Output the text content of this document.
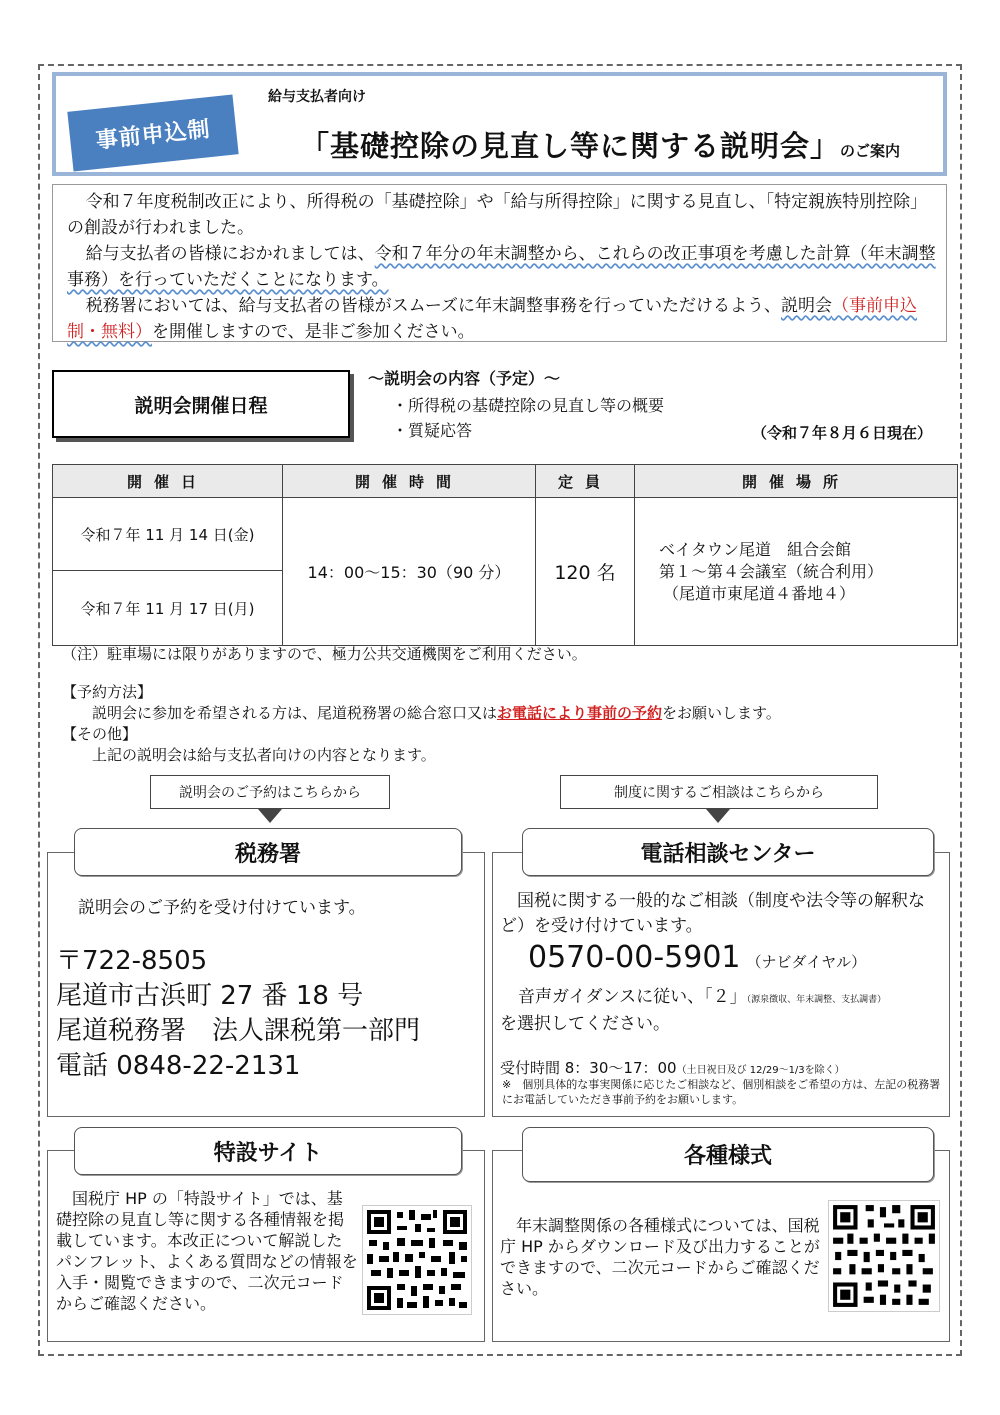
事前申込制
給与支払者向け
「基礎控除の見直し等に関する説明会」のご案内

令和７年度税制改正により、所得税の「基礎控除」や「給与所得控除」に関する見直し、「特定親族特別控除」の創設が行われました。

給与支払者の皆様におかれましては、令和７年分の年末調整から、これらの改正事項を考慮した計算（年末調整事務）を行っていただくことになります。

税務署においては、給与支払者の皆様がスムーズに年末調整事務を行っていただけるよう、説明会（事前申込制・無料）を開催しますので、是非ご参加ください。

説明会開催日程
～説明会の内容（予定）～
・所得税の基礎控除の見直し等の概要
・質疑応答	（令和７年８月６日現在）
開催日	開催時間	定員	開催場所
令和７年 11 月 14 日(金)	14：00～15：30（90 分）	120 名	ベイタウン尾道　組合会館
第１～第４会議室（統合利用）
（尾道市東尾道４番地４）

令和７年 11 月 17 日(月)			
（注）駐車場には限りがありますので、極力公共交通機関をご利用ください。
【予約方法】
説明会に参加を希望される方は、尾道税務署の総合窓口又はお電話により事前の予約をお願いします。
【その他】
上記の説明会は給与支払者向けの内容となります。
説明会のご予約はこちらから	制度に関するご相談はこちらから
税務署
説明会のご予約を受け付けています。
〒722-8505
尾道市古浜町 27 番 18 号
尾道税務署　法人課税第一部門
電話 0848-22-2131
電話相談センター
国税に関する一般的なご相談（制度や法令等の解釈など）を受け付けています。
0570-00-5901 （ナビダイヤル）
音声ガイダンスに従い、「２」（源泉徴収、年末調整、支払調書）
を選択してください。
受付時間 8：30～17：00（土日祝日及び 12/29～1/3を除く）
※　個別具体的な事実関係に応じたご相談など、個別相談をご希望の方は、左記の税務署にお電話していただき事前予約をお願いします。
特設サイト
国税庁 HP の「特設サイト」では、基礎控除の見直し等に関する各種情報を掲載しています。本改正について解説したパンフレット、よくある質問などの情報を入手・閲覧できますので、二次元コードからご確認ください。
各種様式
年末調整関係の各種様式については、国税庁 HP からダウンロード及び出力することができますので、二次元コードからご確認ください。
